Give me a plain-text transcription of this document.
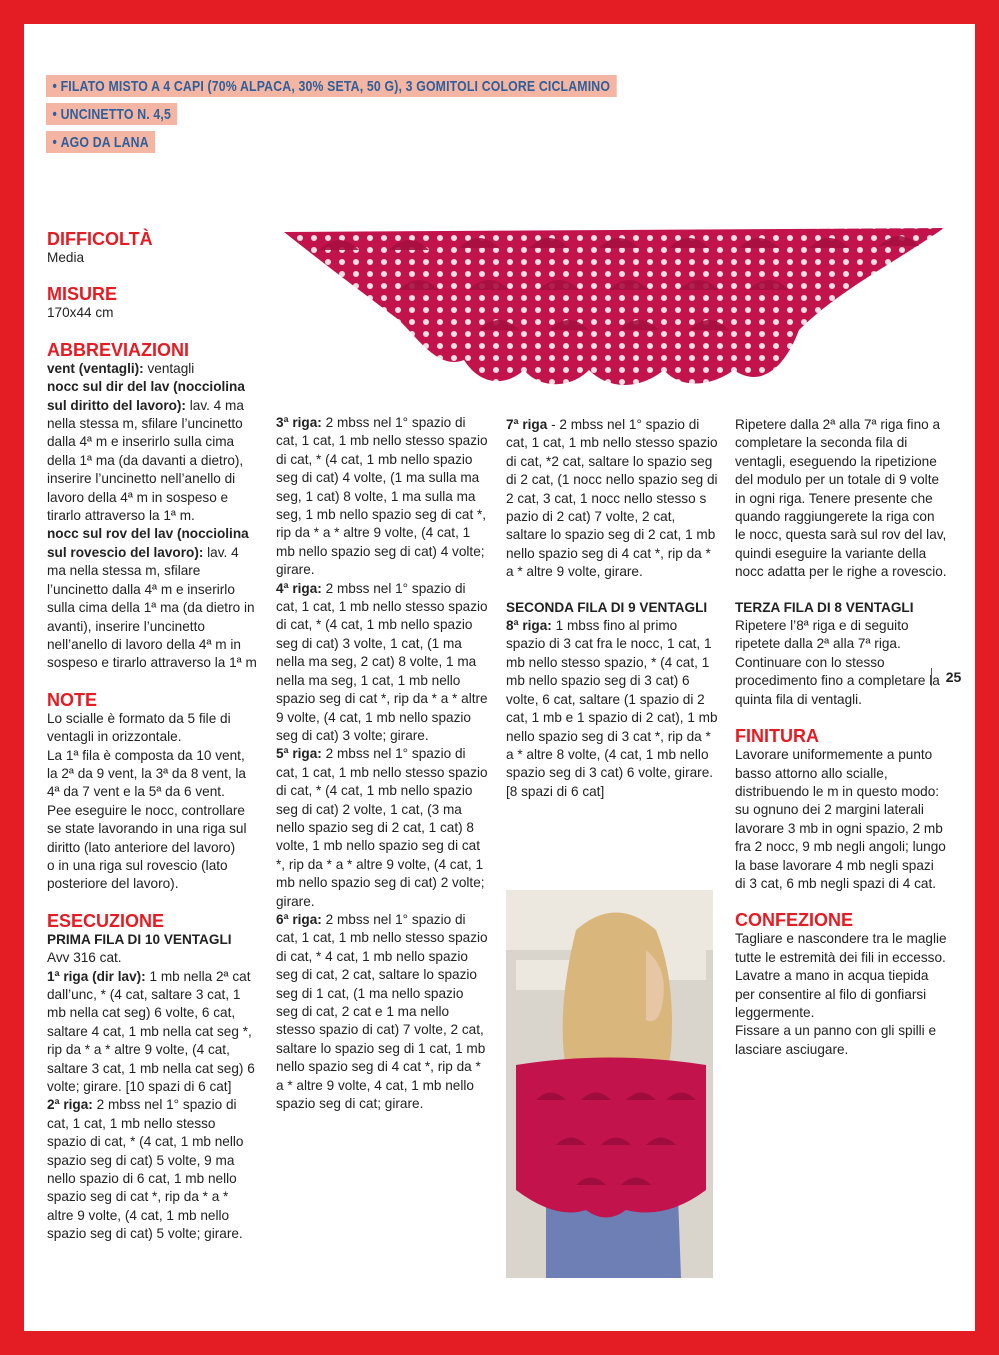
• FILATO MISTO A 4 CAPI (70% ALPACA, 30% SETA, 50 G), 3 GOMITOLI COLORE CICLAMINO
• UNCINETTO N. 4,5
• AGO DA LANA

DIFFICOLTÀ

Media

MISURE

170x44 cm

ABBREVIAZIONI

vent (ventagli): ventagli

nocc sul dir del lav (nocciolina sul diritto del lavoro): lav. 4 ma nella stessa m, sfilare l’uncinetto dalla 4ª m e inserirlo sulla cima della 1ª ma (da davanti a dietro), inserire l’uncinetto nell’anello di lavoro della 4ª m in sospeso e tirarlo attraverso la 1ª m.

nocc sul rov del lav (nocciolina sul rovescio del lavoro): lav. 4 ma nella stessa m, sfilare l’uncinetto dalla 4ª m e inserirlo sulla cima della 1ª ma (da dietro in avanti), inserire l’uncinetto nell’anello di lavoro della 4ª m in sospeso e tirarlo attraverso la 1ª m

NOTE

Lo scialle è formato da 5 file di ventagli in orizzontale.

La 1ª fila è composta da 10 vent, la 2ª da 9 vent, la 3ª da 8 vent, la 4ª da 7 vent e la 5ª da 6 vent.

Pee eseguire le nocc, controllare se state lavorando in una riga sul diritto (lato anteriore del lavoro)

o in una riga sul rovescio (lato posteriore del lavoro).

ESECUZIONE

PRIMA FILA DI 10 VENTAGLI

Avv 316 cat.

1ª riga (dir lav): 1 mb nella 2ª cat dall’unc, * (4 cat, saltare 3 cat, 1 mb nella cat seg) 6 volte, 6 cat, saltare 4 cat, 1 mb nella cat seg *, rip da * a * altre 9 volte, (4 cat, saltare 3 cat, 1 mb nella cat seg) 6 volte; girare. [10 spazi di 6 cat]

2ª riga: 2 mbss nel 1° spazio di cat, 1 cat, 1 mb nello stesso spazio di cat, * (4 cat, 1 mb nello spazio seg di cat) 5 volte, 9 ma nello spazio di 6 cat, 1 mb nello spazio seg di cat *, rip da * a * altre 9 volte, (4 cat, 1 mb nello spazio seg di cat) 5 volte; girare.

3ª riga: 2 mbss nel 1° spazio di cat, 1 cat, 1 mb nello stesso spazio di cat, * (4 cat, 1 mb nello spazio seg di cat) 4 volte, (1 ma sulla ma seg, 1 cat) 8 volte, 1 ma sulla ma seg, 1 mb nello spazio seg di cat *, rip da * a * altre 9 volte, (4 cat, 1 mb nello spazio seg di cat) 4 volte; girare.

4ª riga: 2 mbss nel 1° spazio di cat, 1 cat, 1 mb nello stesso spazio di cat, * (4 cat, 1 mb nello spazio seg di cat) 3 volte, 1 cat, (1 ma nella ma seg, 2 cat) 8 volte, 1 ma nella ma seg, 1 cat, 1 mb nello spazio seg di cat *, rip da * a * altre 9 volte, (4 cat, 1 mb nello spazio seg di cat) 3 volte; girare.

5ª riga: 2 mbss nel 1° spazio di cat, 1 cat, 1 mb nello stesso spazio di cat, * (4 cat, 1 mb nello spazio seg di cat) 2 volte, 1 cat, (3 ma nello spazio seg di 2 cat, 1 cat) 8 volte, 1 mb nello spazio seg di cat *, rip da * a * altre 9 volte, (4 cat, 1 mb nello spazio seg di cat) 2 volte; girare.

6ª riga: 2 mbss nel 1° spazio di cat, 1 cat, 1 mb nello stesso spazio di cat, * 4 cat, 1 mb nello spazio seg di cat, 2 cat, saltare lo spazio seg di 1 cat, (1 ma nello spazio seg di cat, 2 cat e 1 ma nello stesso spazio di cat) 7 volte, 2 cat, saltare lo spazio seg di 1 cat, 1 mb nello spazio seg di 4 cat *, rip da * a * altre 9 volte, 4 cat, 1 mb nello spazio seg di cat; girare.

7ª riga - 2 mbss nel 1° spazio di cat, 1 cat, 1 mb nello stesso spazio di cat, *2 cat, saltare lo spazio seg di 2 cat, (1 nocc nello spazio seg di 2 cat, 3 cat, 1 nocc nello stesso s pazio di 2 cat) 7 volte, 2 cat, saltare lo spazio seg di 2 cat, 1 mb nello spazio seg di 4 cat *, rip da * a * altre 9 volte, girare.

SECONDA FILA DI 9 VENTAGLI

8ª riga: 1 mbss fino al primo spazio di 3 cat fra le nocc, 1 cat, 1 mb nello stesso spazio, * (4 cat, 1 mb nello spazio seg di 3 cat) 6 volte, 6 cat, saltare (1 spazio di 2 cat, 1 mb e 1 spazio di 2 cat), 1 mb nello spazio seg di 3 cat *, rip da * a * altre 8 volte, (4 cat, 1 mb nello spazio seg di 3 cat) 6 volte, girare. [8 spazi di 6 cat]

Ripetere dalla 2ª alla 7ª riga fino a completare la seconda fila di ventagli, eseguendo la ripetizione del modulo per un totale di 9 volte in ogni riga. Tenere presente che quando raggiungerete la riga con le nocc, questa sarà sul rov del lav, quindi eseguire la variante della nocc adatta per le righe a rovescio.

TERZA FILA DI 8 VENTAGLI

Ripetere l’8ª riga e di seguito ripetete dalla 2ª alla 7ª riga. Continuare con lo stesso procedimento fino a completare la quinta fila di ventagli.

FINITURA

Lavorare uniformemente a punto basso attorno allo scialle, distribuendo le m in questo modo: su ognuno dei 2 margini laterali lavorare 3 mb in ogni spazio, 2 mb fra 2 nocc, 9 mb negli angoli; lungo la base lavorare 4 mb negli spazi di 3 cat, 6 mb negli spazi di 4 cat.

CONFEZIONE

Tagliare e nascondere tra le maglie tutte le estremità dei fili in eccesso.

Lavatre a mano in acqua tiepida per consentire al filo di gonfiarsi leggermente.

Fissare a un panno con gli spilli e lasciare asciugare.

25
